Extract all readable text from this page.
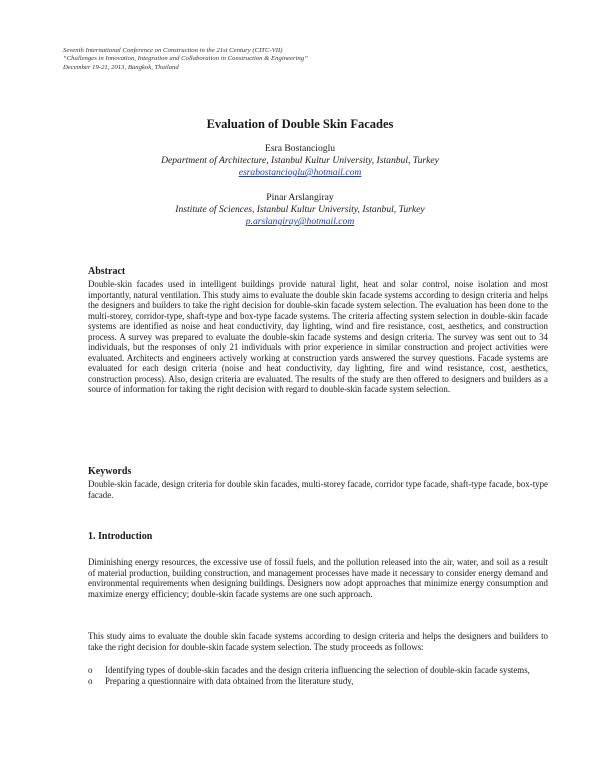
Seventh International Conference on Construction in the 21st Century (CITC-VII)
“Challenges in Innovation, Integration and Collaboration in Construction & Engineering”
December 19-21, 2013, Bangkok, Thailand
Evaluation of Double Skin Facades
Esra Bostancioglu
Department of Architecture, Istanbul Kultur University, Istanbul, Turkey
esrabostancioglu@hotmail.com
Pinar Arslangiray
Institute of Sciences, Istanbul Kultur University, Istanbul, Turkey
p.arslangiray@hotmail.com
Abstract
Double-skin facades used in intelligent buildings provide natural light, heat and solar control, noise isolation and most importantly, natural ventilation. This study aims to evaluate the double skin facade systems according to design criteria and helps the designers and builders to take the right decision for double-skin facade system selection. The evaluation has been done to the multi-storey, corridor-type, shaft-type and box-type facade systems. The criteria affecting system selection in double-skin facade systems are identified as noise and heat conductivity, day lighting, wind and fire resistance, cost, aesthetics, and construction process. A survey was prepared to evaluate the double-skin facade systems and design criteria. The survey was sent out to 34 individuals, but the responses of only 21 individuals with prior experience in similar construction and project activities were evaluated. Architects and engineers actively working at construction yards answered the survey questions. Facade systems are evaluated for each design criteria (noise and heat conductivity, day lighting, fire and wind resistance, cost, aesthetics, construction process). Also, design criteria are evaluated. The results of the study are then offered to designers and builders as a source of information for taking the right decision with regard to double-skin facade system selection.
Keywords
Double-skin facade, design criteria for double skin facades, multi-storey facade, corridor type facade, shaft-type facade, box-type facade.
1. Introduction
Diminishing energy resources, the excessive use of fossil fuels, and the pollution released into the air, water, and soil as a result of material production, building construction, and management processes have made it necessary to consider energy demand and environmental requirements when designing buildings. Designers now adopt approaches that minimize energy consumption and maximize energy efficiency; double-skin facade systems are one such approach.
This study aims to evaluate the double skin facade systems according to design criteria and helps the designers and builders to take the right decision for double-skin facade system selection. The study proceeds as follows:
o	Identifying types of double-skin facades and the design criteria influencing the selection of double-skin facade systems,
o	Preparing a questionnaire with data obtained from the literature study,
